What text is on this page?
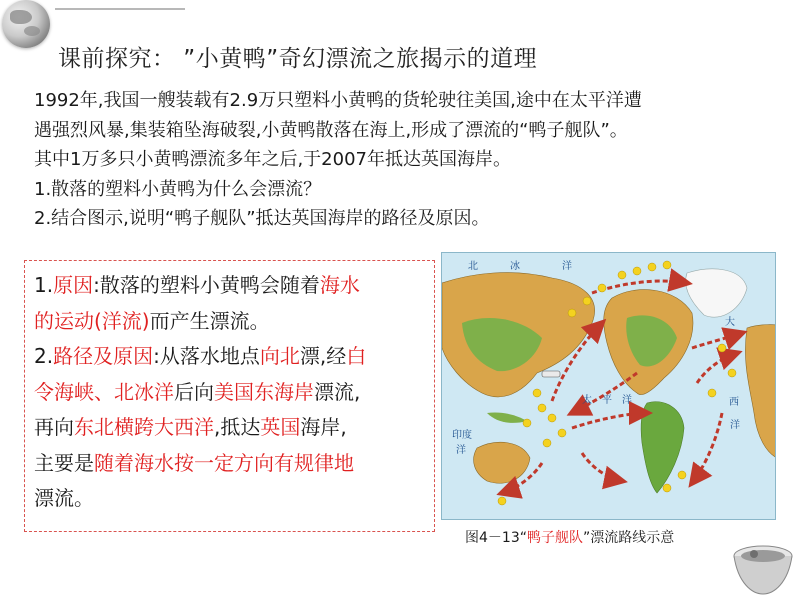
课前探究： ”小黄鸭”奇幻漂流之旅揭示的道理

1992年,我国一艘装载有2.9万只塑料小黄鸭的货轮驶往美国,途中在太平洋遭

遇强烈风暴,集装箱坠海破裂,小黄鸭散落在海上,形成了漂流的“鸭子舰队”。

其中1万多只小黄鸭漂流多年之后,于2007年抵达英国海岸。

1.散落的塑料小黄鸭为什么会漂流？

2.结合图示,说明“鸭子舰队”抵达英国海岸的路径及原因。

1.原因:散落的塑料小黄鸭会随着海水

的运动(洋流)而产生漂流。

2.路径及原因:从落水地点向北漂,经白

令海峡、北冰洋后向美国东海岸漂流,

再向东北横跨大西洋,抵达英国海岸,

主要是随着海水按一定方向有规律地

漂流。

北	冰	洋
大
西
洋
太 平 洋
印度
洋
图4－13“鸭子舰队”漂流路线示意
